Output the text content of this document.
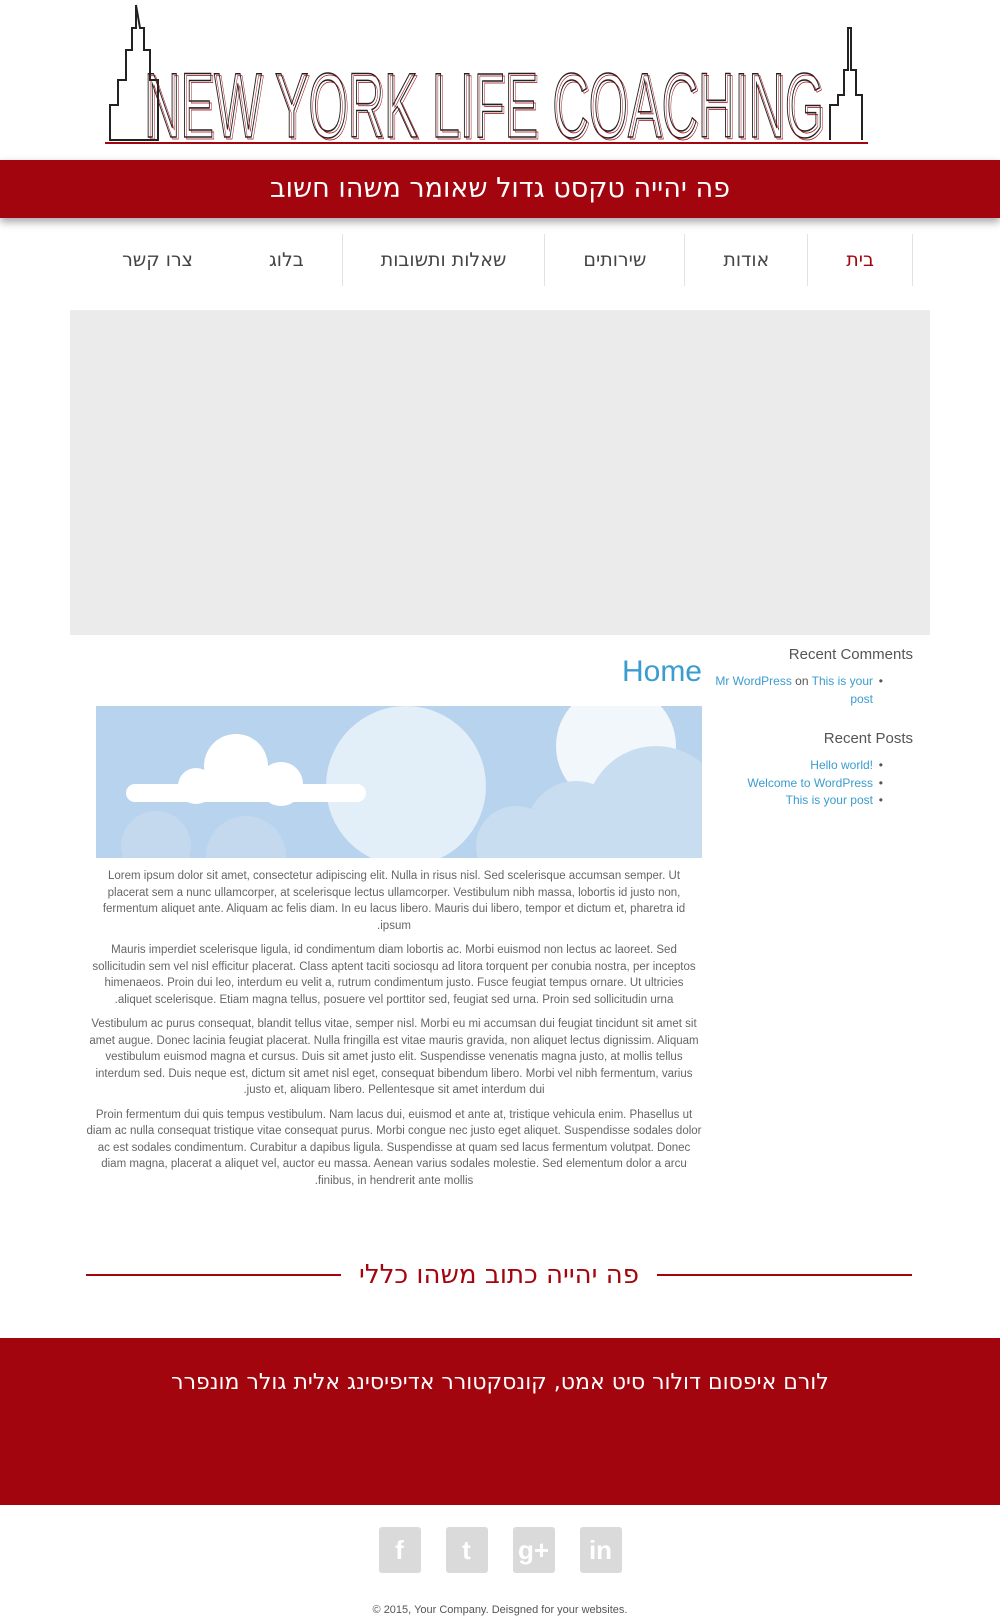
NEW YORK LIFE COACHING
NEW YORK LIFE COACHING
פה יהייה טקסט גדול שאומר משהו חשוב
בית
אודות
שירותים
שאלות ותשובות
בלוג
צרו קשר
Recent Comments
• Mr WordPress on This is your post
Recent Posts
• !Hello world
• Welcome to WordPress
• This is your post
Home

Lorem ipsum dolor sit amet, consectetur adipiscing elit. Nulla in risus nisl. Sed scelerisque accumsan semper. Ut placerat sem a nunc ullamcorper, at scelerisque lectus ullamcorper. Vestibulum nibh massa, lobortis id justo non, fermentum aliquet ante. Aliquam ac felis diam. In eu lacus libero. Mauris dui libero, tempor et dictum et, pharetra id ipsum.

Mauris imperdiet scelerisque ligula, id condimentum diam lobortis ac. Morbi euismod non lectus ac laoreet. Sed sollicitudin sem vel nisl efficitur placerat. Class aptent taciti sociosqu ad litora torquent per conubia nostra, per inceptos himenaeos. Proin dui leo, interdum eu velit a, rutrum condimentum justo. Fusce feugiat tempus ornare. Ut ultricies aliquet scelerisque. Etiam magna tellus, posuere vel porttitor sed, feugiat sed urna. Proin sed sollicitudin urna.

Vestibulum ac purus consequat, blandit tellus vitae, semper nisl. Morbi eu mi accumsan dui feugiat tincidunt sit amet sit amet augue. Donec lacinia feugiat placerat. Nulla fringilla est vitae mauris gravida, non aliquet lectus dignissim. Aliquam vestibulum euismod magna et cursus. Duis sit amet justo elit. Suspendisse venenatis magna justo, at mollis tellus interdum sed. Duis neque est, dictum sit amet nisl eget, consequat bibendum libero. Morbi vel nibh fermentum, varius justo et, aliquam libero. Pellentesque sit amet interdum dui.

Proin fermentum dui quis tempus vestibulum. Nam lacus dui, euismod et ante at, tristique vehicula enim. Phasellus ut diam ac nulla consequat tristique vitae consequat purus. Morbi congue nec justo eget aliquet. Suspendisse sodales dolor ac est sodales condimentum. Curabitur a dapibus ligula. Suspendisse at quam sed lacus fermentum volutpat. Donec diam magna, placerat a aliquet vel, auctor eu massa. Aenean varius sodales molestie. Sed elementum dolor a arcu finibus, in hendrerit ante mollis.

פה יהייה כתוב משהו כללי
לורם איפסום דולור סיט אמט, קונסקטורר אדיפיסינג אלית גולר מונפרר
f	t	g+	in
© 2015, Your Company. Deisgned for your websites.
